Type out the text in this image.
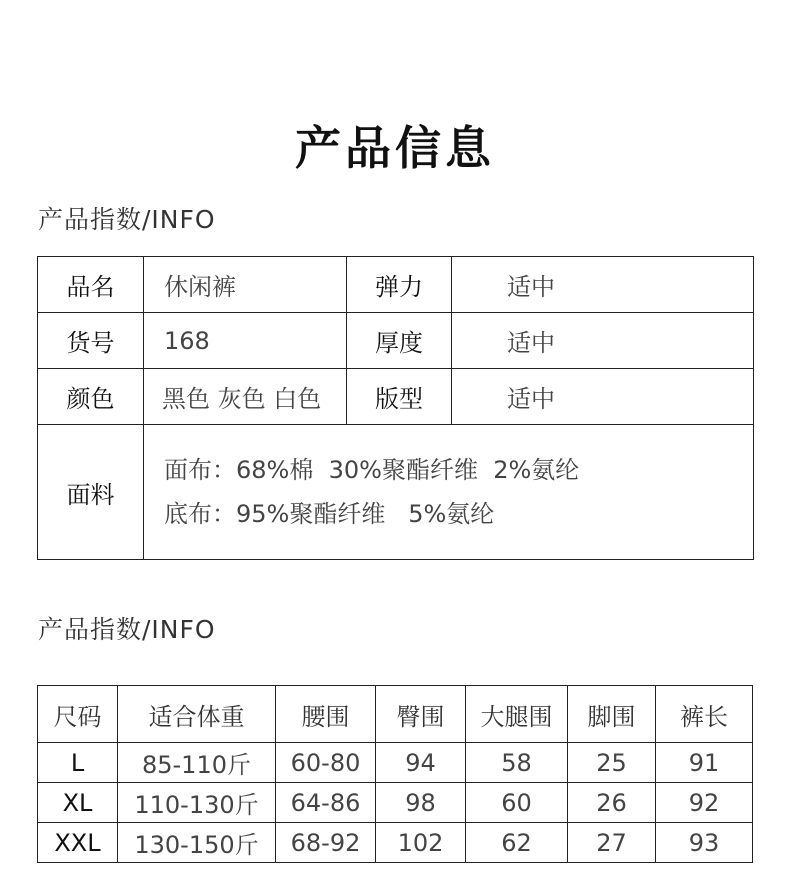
产品信息
产品指数/INFO
品名	休闲裤	弹力	适中
货号	168	厚度	适中
颜色	黑色 灰色 白色	版型	适中
面料	面布：68%棉  30%聚酯纤维  2%氨纶
底布：95%聚酯纤维   5%氨纶		
产品指数/INFO
尺码	适合体重	腰围	臀围	大腿围	脚围	裤长
L	85-110斤	60-80	94	58	25	91
XL	110-130斤	64-86	98	60	26	92
XXL	130-150斤	68-92	102	62	27	93
